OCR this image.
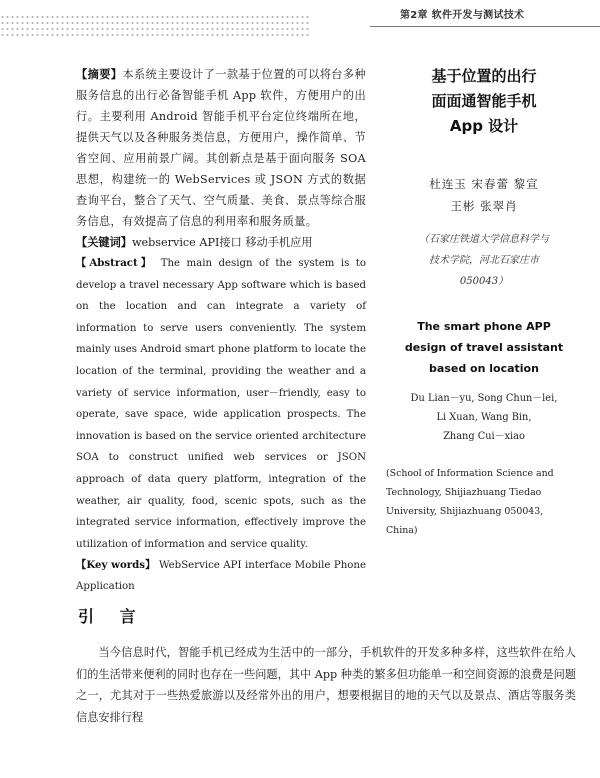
第2章 软件开发与测试技术

【摘要】本系统主要设计了一款基于位置的可以将台多种服务信息的出行必备智能手机 App 软件，方便用户的出行。主要利用 Android 智能手机平台定位终端所在地，提供天气以及各种服务类信息，方便用户，操作简单、节省空间、应用前景广阔。其创新点是基于面向服务 SOA 思想，构建统一的 WebServices 或 JSON 方式的数据查询平台，整合了天气、空气质量、美食、景点等综合服务信息，有效提高了信息的利用率和服务质量。

【关键词】webservice API接口 移动手机应用

【Abstract】 The main design of the system is to develop a travel necessary App software which is based on the location and can integrate a variety of information to serve users conveniently. The system mainly uses Android smart phone platform to locate the location of the terminal, providing the weather and a variety of service information, user－friendly, easy to operate, save space, wide application prospects. The innovation is based on the service oriented architecture SOA to construct unified web services or JSON approach of data query platform, integration of the weather, air quality, food, scenic spots, such as the integrated service information, effectively improve the utilization of information and service quality.

【Key words】 WebService API interface Mobile Phone Application

基于位置的出行
面面通智能手机
App 设计
杜连玉 宋春蕾 黎宣
王彬 张翠肖
（石家庄铁道大学信息科学与
技术学院，河北石家庄市
050043）
The smart phone APP
design of travel assistant
based on location
Du Lian－yu, Song Chun－lei,
Li Xuan, Wang Bin,
Zhang Cui－xiao
(School of Information Science and Technology, Shijiazhuang Tiedao University, Shijiazhuang 050043, China)
引 言
当今信息时代，智能手机已经成为生活中的一部分，手机软件的开发多种多样，这些软件在给人们的生活带来便利的同时也存在一些问题，其中 App 种类的繁多但功能单一和空间资源的浪费是问题之一，尤其对于一些热爱旅游以及经常外出的用户，想要根据目的地的天气以及景点、酒店等服务类信息安排行程
